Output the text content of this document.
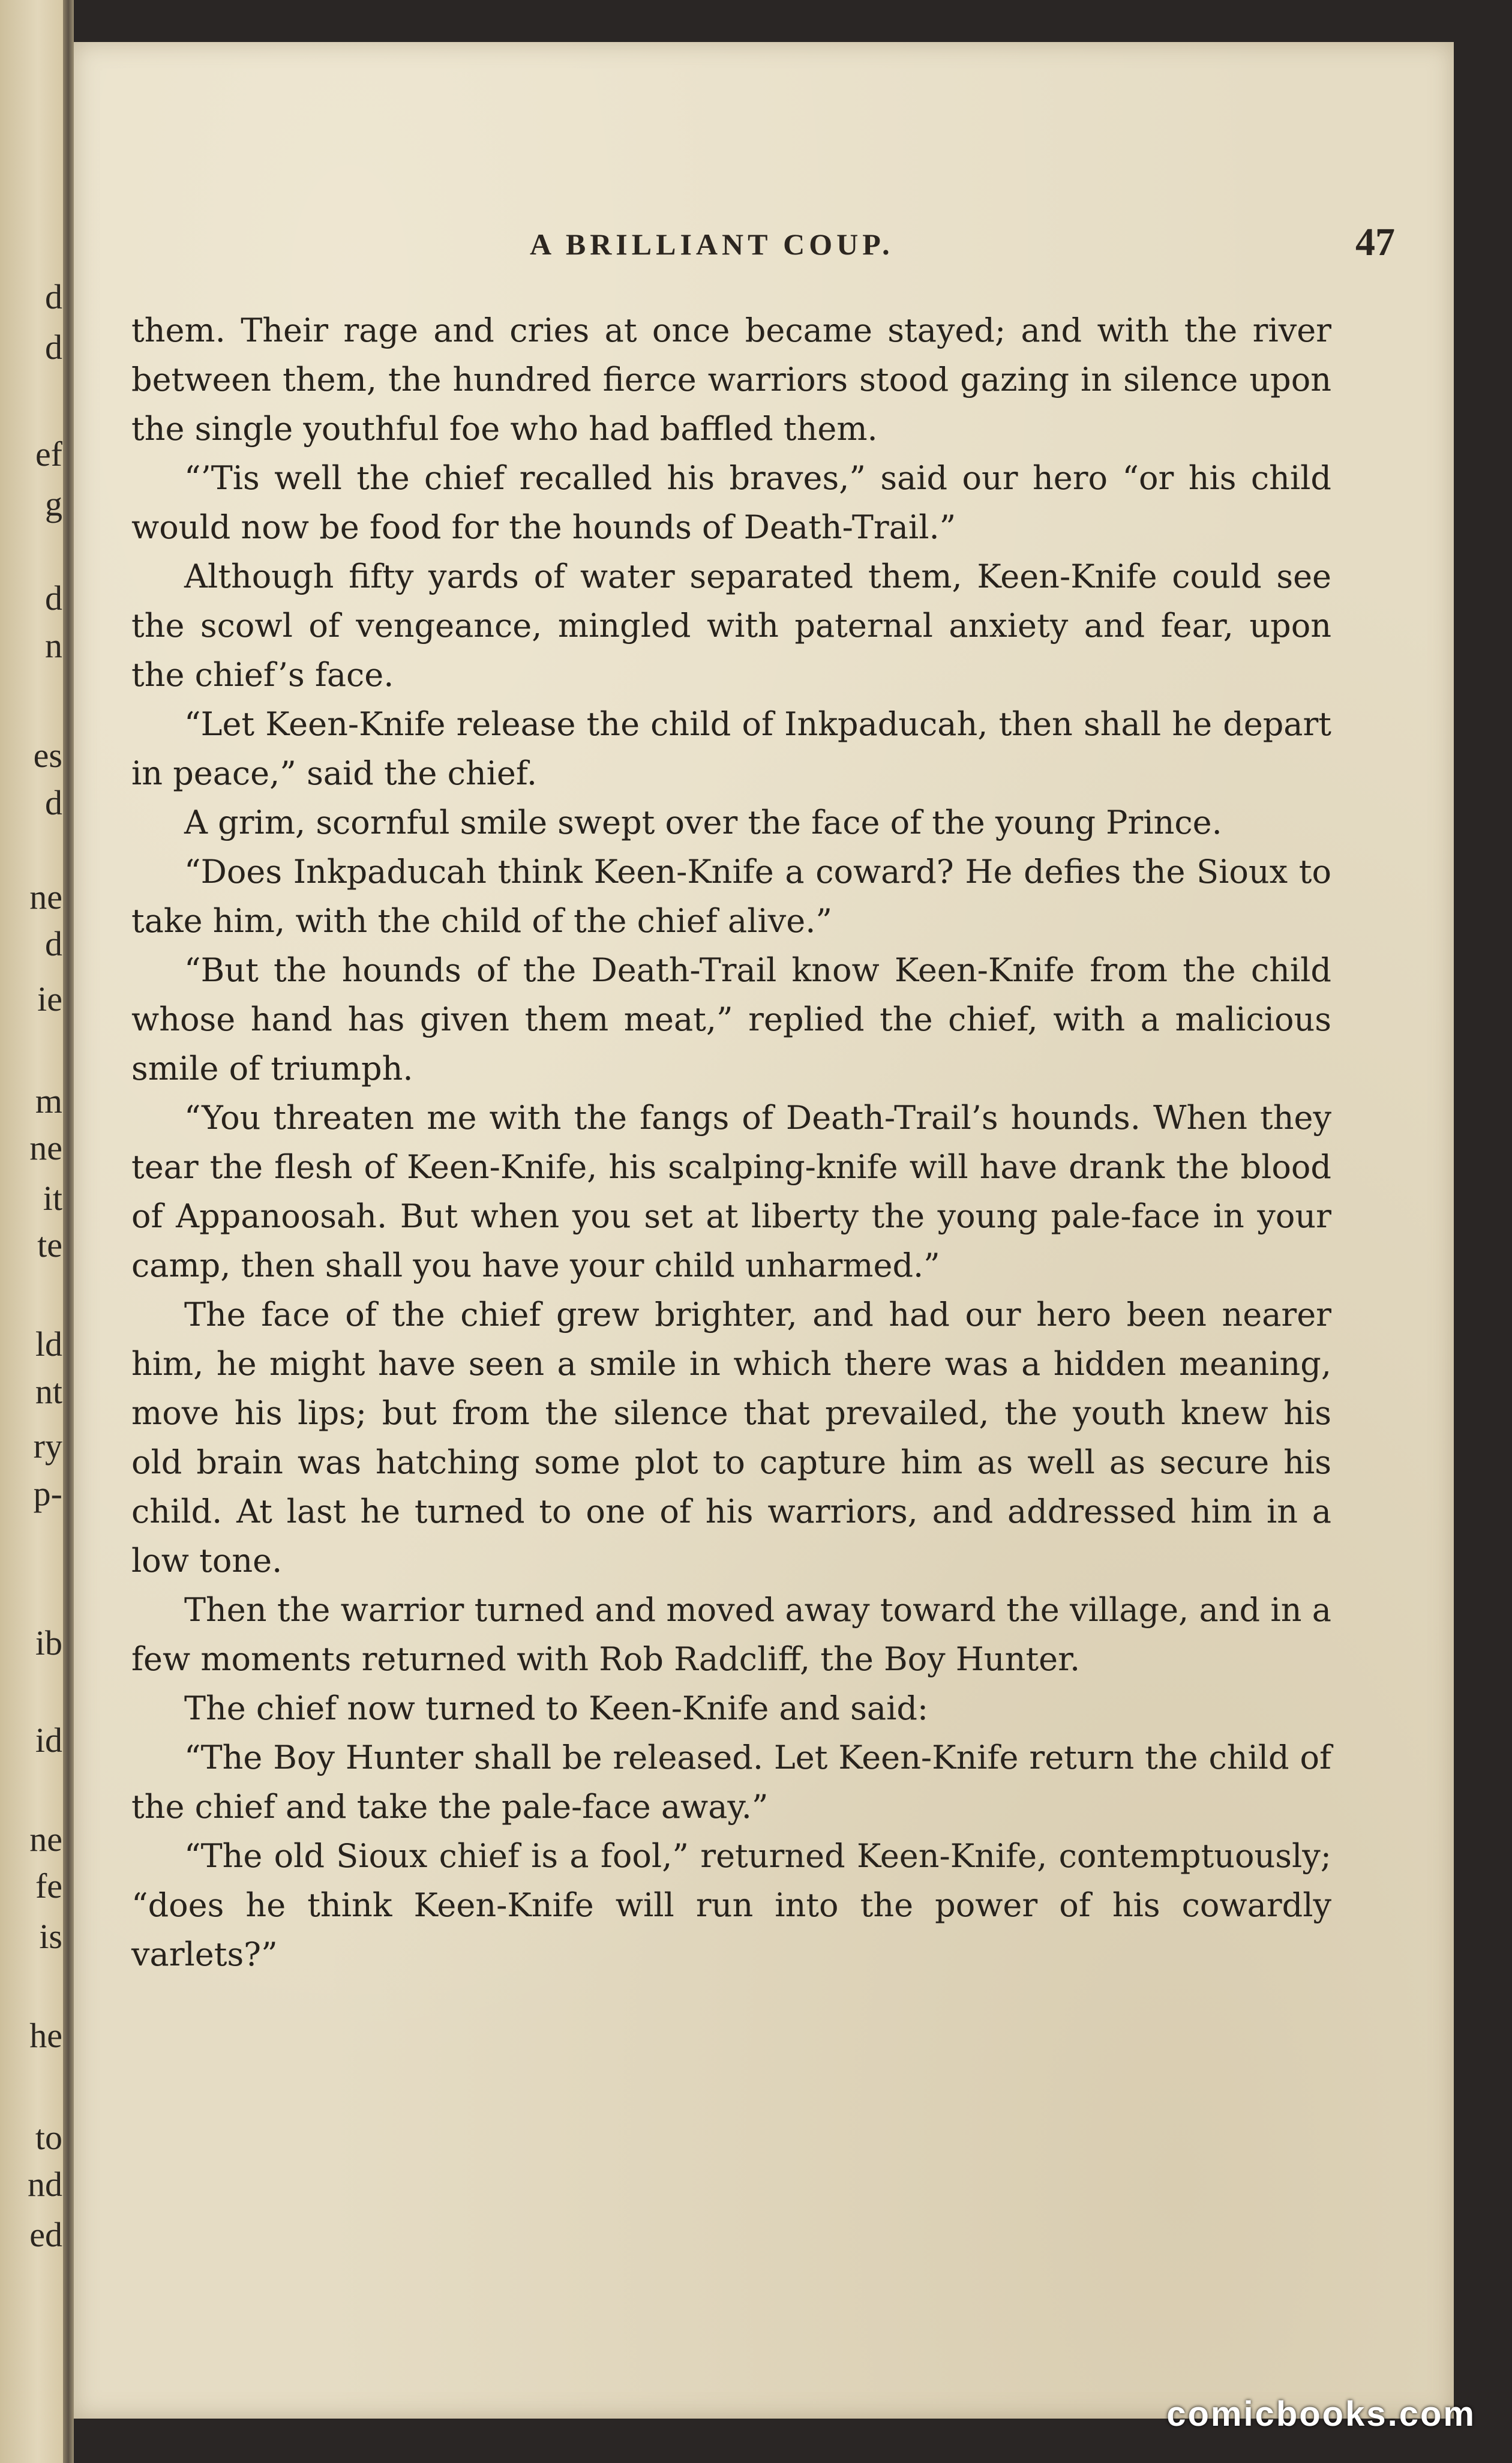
d
d
ef
g
d
n
es
d
ne
d
ie
m
ne
it
te
ld
nt
ry
p-
ib
id
ne
fe
is
he
to
nd
ed
A BRILLIANT COUP.	47

them. Their rage and cries at once became stayed; and with the river between them, the hundred fierce warriors stood gazing in silence upon the single youthful foe who had baffled them.

“’Tis well the chief recalled his braves,” said our hero “or his child would now be food for the hounds of Death-Trail.”

Although fifty yards of water separated them, Keen-Knife could see the scowl of vengeance, mingled with paternal anxiety and fear, upon the chief’s face.

“Let Keen-Knife release the child of Inkpaducah, then shall he depart in peace,” said the chief.

A grim, scornful smile swept over the face of the young Prince.

“Does Inkpaducah think Keen-Knife a coward? He defies the Sioux to take him, with the child of the chief alive.”

“But the hounds of the Death-Trail know Keen-Knife from the child whose hand has given them meat,” replied the chief, with a malicious smile of triumph.

“You threaten me with the fangs of Death-Trail’s hounds. When they tear the flesh of Keen-Knife, his scalping-knife will have drank the blood of Appanoosah. But when you set at liberty the young pale-face in your camp, then shall you have your child unharmed.”

The face of the chief grew brighter, and had our hero been nearer him, he might have seen a smile in which there was a hidden meaning, move his lips; but from the silence that prevailed, the youth knew his old brain was hatching some plot to capture him as well as secure his child. At last he turned to one of his warriors, and addressed him in a low tone.

Then the warrior turned and moved away toward the village, and in a few moments returned with Rob Radcliff, the Boy Hunter.

The chief now turned to Keen-Knife and said:

“The Boy Hunter shall be released. Let Keen-Knife return the child of the chief and take the pale-face away.”

“The old Sioux chief is a fool,” returned Keen-Knife, contemptuously; “does he think Keen-Knife will run into the power of his cowardly varlets?”

comicbooks.com
